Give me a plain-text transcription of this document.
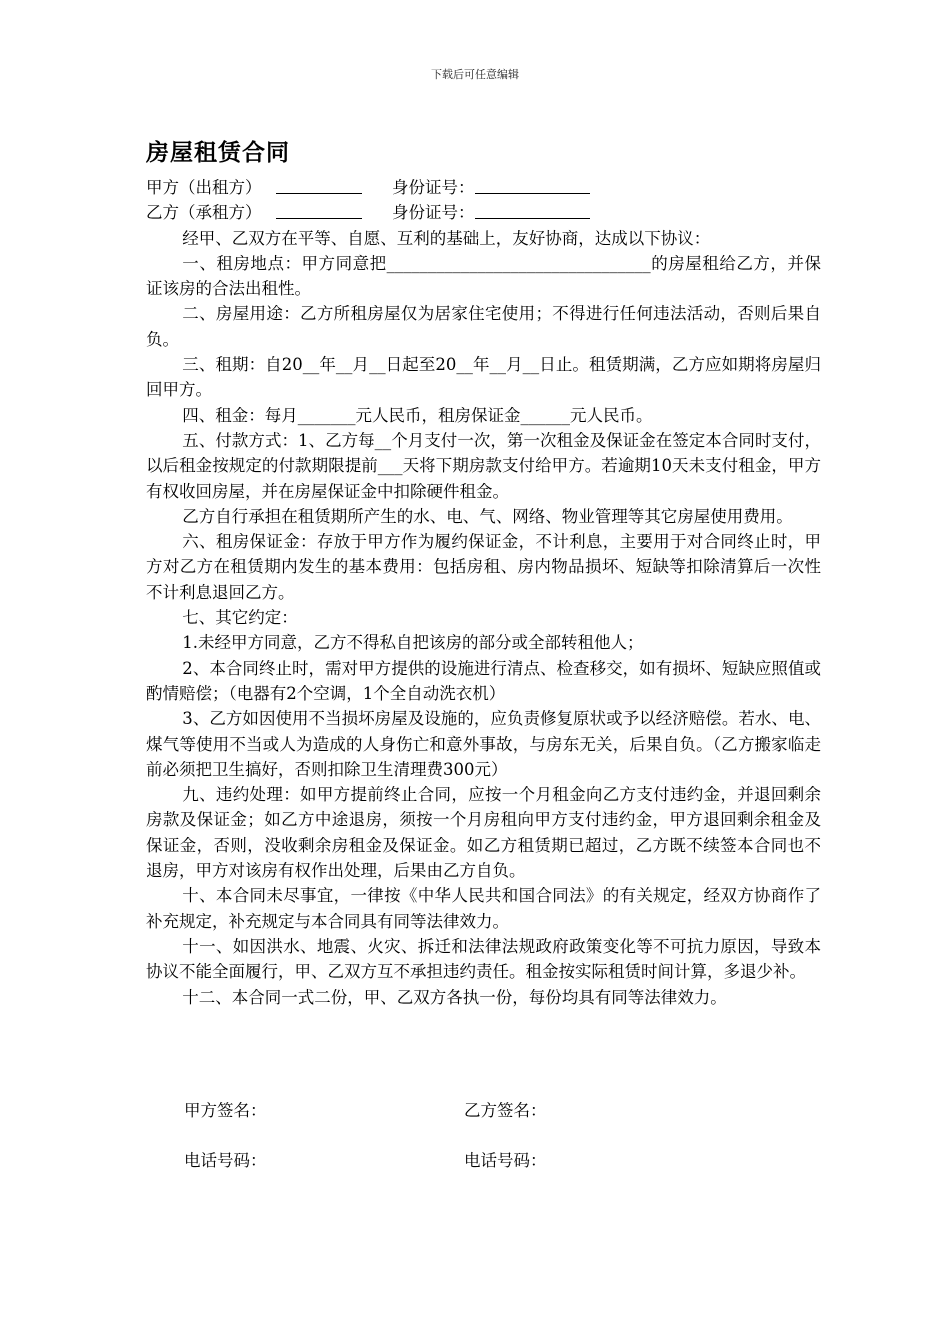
下载后可任意编辑
房屋租赁合同
甲方（出租方）	身份证号：
乙方（承租方）	身份证号：

经甲、乙双方在平等、自愿、互利的基础上，友好协商，达成以下协议：

一、租房地点：甲方同意把________________________________的房屋租给乙方，并保证该房的合法出租性。

二、房屋用途：乙方所租房屋仅为居家住宅使用；不得进行任何违法活动，否则后果自负。

三、租期：自20__年__月__日起至20__年__月__日止。租赁期满，乙方应如期将房屋归回甲方。

四、租金：每月_______元人民币，租房保证金______元人民币。

五、付款方式：1、乙方每__个月支付一次，第一次租金及保证金在签定本合同时支付，以后租金按规定的付款期限提前___天将下期房款支付给甲方。若逾期10天未支付租金，甲方有权收回房屋，并在房屋保证金中扣除硬件租金。

乙方自行承担在租赁期所产生的水、电、气、网络、物业管理等其它房屋使用费用。

六、租房保证金：存放于甲方作为履约保证金，不计利息，主要用于对合同终止时，甲方对乙方在租赁期内发生的基本费用：包括房租、房内物品损坏、短缺等扣除清算后一次性不计利息退回乙方。

七、其它约定：

1.未经甲方同意，乙方不得私自把该房的部分或全部转租他人；

2、本合同终止时，需对甲方提供的设施进行清点、检查移交，如有损坏、短缺应照值或酌情赔偿；（电器有2个空调，1个全自动洗衣机）

3、乙方如因使用不当损坏房屋及设施的，应负责修复原状或予以经济赔偿。若水、电、煤气等使用不当或人为造成的人身伤亡和意外事故，与房东无关，后果自负。（乙方搬家临走前必须把卫生搞好，否则扣除卫生清理费300元）

九、违约处理：如甲方提前终止合同，应按一个月租金向乙方支付违约金，并退回剩余房款及保证金；如乙方中途退房，须按一个月房租向甲方支付违约金，甲方退回剩余租金及保证金，否则，没收剩余房租金及保证金。如乙方租赁期已超过，乙方既不续签本合同也不退房，甲方对该房有权作出处理，后果由乙方自负。

十、本合同未尽事宜，一律按《中华人民共和国合同法》的有关规定，经双方协商作了补充规定，补充规定与本合同具有同等法律效力。

十一、如因洪水、地震、火灾、拆迁和法律法规政府政策变化等不可抗力原因，导致本协议不能全面履行，甲、乙双方互不承担违约责任。租金按实际租赁时间计算，多退少补。

十二、本合同一式二份，甲、乙双方各执一份，每份均具有同等法律效力。

甲方签名：	乙方签名：
电话号码：	电话号码：
